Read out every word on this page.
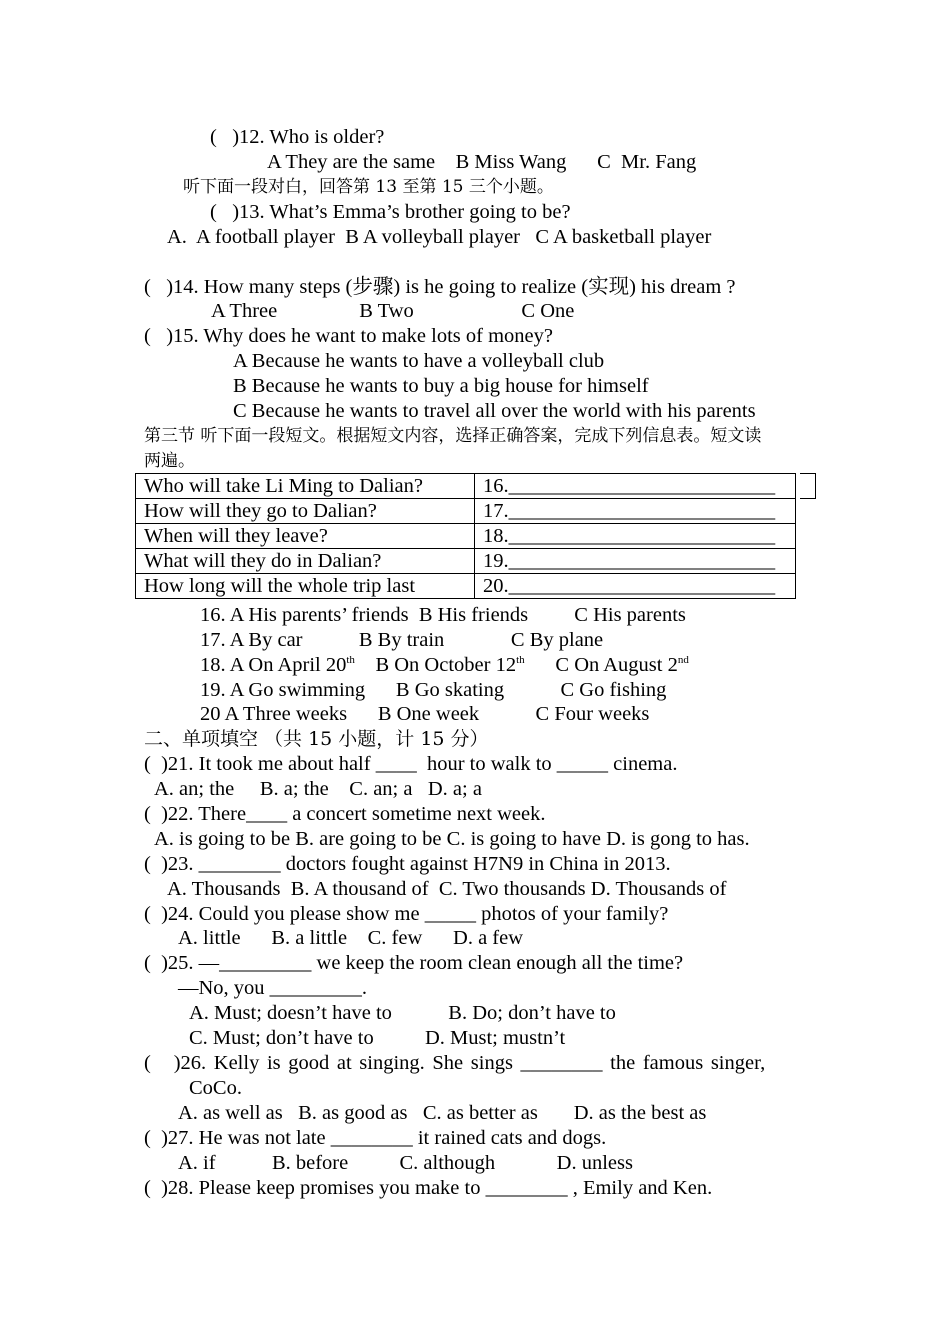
(   )12. Who is older?
A They are the same    B Miss Wang      C  Mr. Fang
听下面一段对白，回答第 13 至第 15 三个小题。
(   )13. What’s Emma’s brother going to be?
A.  A football player  B A volleyball player   C A basketball player
(   )14. How many steps (步骤) is he going to realize (实现) his dream ?
A Three                B Two                     C One
(   )15. Why does he want to make lots of money?
A Because he wants to have a volleyball club
B Because he wants to buy a big house for himself
C Because he wants to travel all over the world with his parents
第三节 听下面一段短文。根据短文内容，选择正确答案，完成下列信息表。短文读
两遍。
Who will take Li Ming to Dalian?	16.__________________________
How will they go to Dalian?	17.__________________________
When will they leave?	18.__________________________
What will they do in Dalian?	19.__________________________
How long will the whole trip last	20.__________________________
16. A His parents’ friends  B His friends         C His parents
17. A By car           B By train             C By plane
18. A On April 20th    B On October 12th      C On August 2nd
19. A Go swimming      B Go skating           C Go fishing
20 A Three weeks      B One week           C Four weeks
二、单项填空 （共 15 小题，计 15 分）
(  )21. It took me about half ____  hour to walk to _____ cinema.
A. an; the     B. a; the    C. an; a   D. a; a
(  )22. There____ a concert sometime next week.
A. is going to be B. are going to be C. is going to have D. is gong to has.
(  )23. ________ doctors fought against H7N9 in China in 2013.
A. Thousands  B. A thousand of  C. Two thousands D. Thousands of
(  )24. Could you please show me _____ photos of your family?
A. little      B. a little    C. few      D. a few
(  )25. —_________ we keep the room clean enough all the time?
—No, you _________.
A. Must; doesn’t have to           B. Do; don’t have to
C. Must; don’t have to          D. Must; mustn’t
(   )26. Kelly is good at singing. She sings ________ the famous singer,
CoCo.
A. as well as   B. as good as   C. as better as       D. as the best as
(  )27. He was not late ________ it rained cats and dogs.
A. if           B. before          C. although            D. unless
(  )28. Please keep promises you make to ________ , Emily and Ken.
